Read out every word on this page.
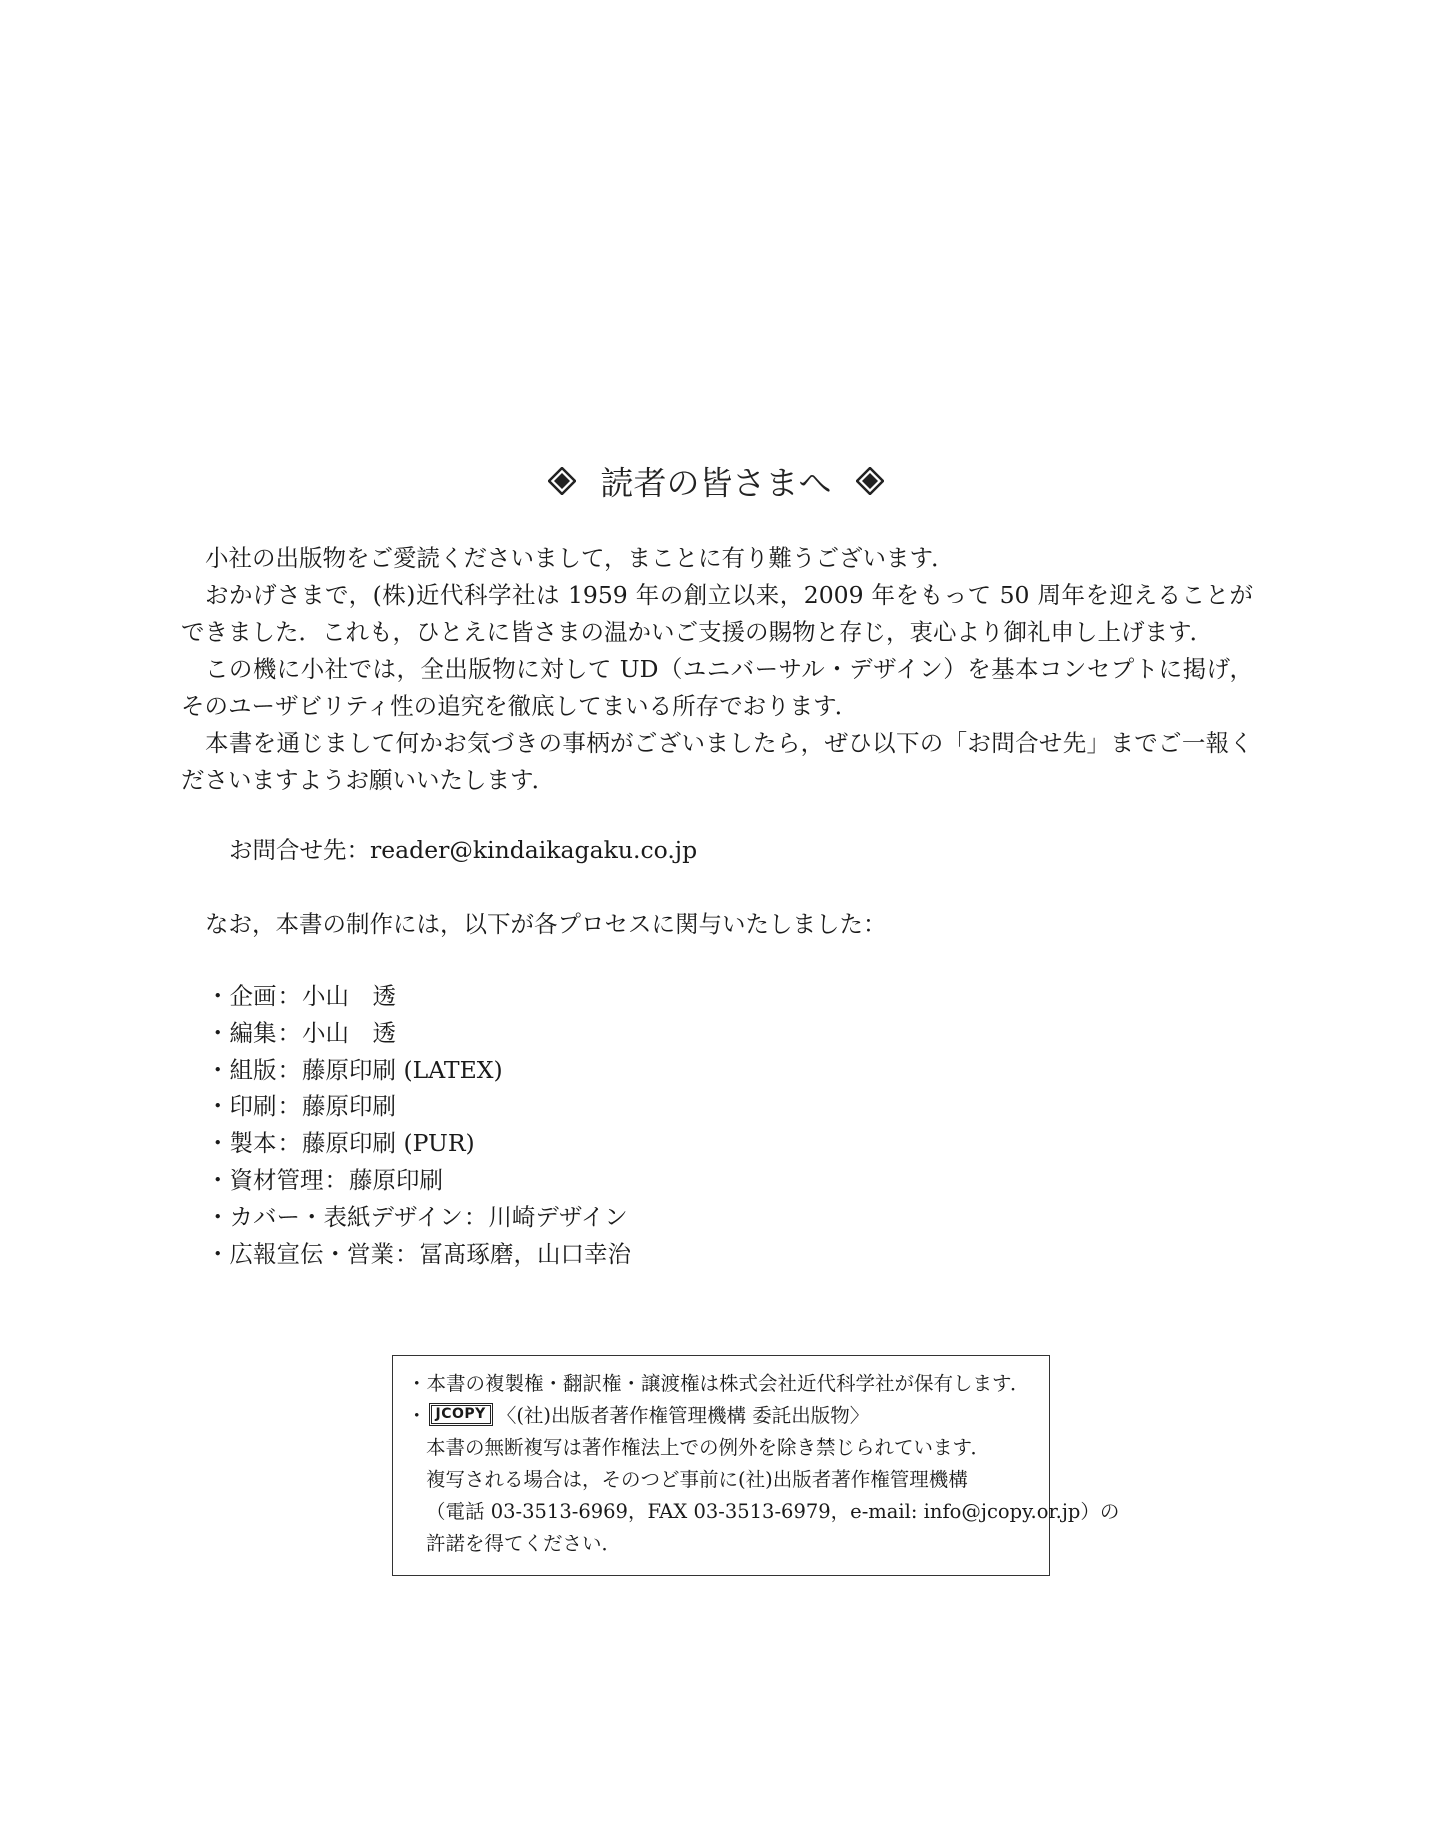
読者の皆さまへ

小社の出版物をご愛読くださいまして，まことに有り難うございます．

おかげさまで，(株)近代科学社は 1959 年の創立以来，2009 年をもって 50 周年を迎えることができました．これも，ひとえに皆さまの温かいご支援の賜物と存じ，衷心より御礼申し上げます．

この機に小社では，全出版物に対して UD（ユニバーサル・デザイン）を基本コンセプトに掲げ，そのユーザビリティ性の追究を徹底してまいる所存でおります．

本書を通じまして何かお気づきの事柄がございましたら，ぜひ以下の「お問合せ先」までご一報くださいますようお願いいたします．

お問合せ先：reader@kindaikagaku.co.jp
なお，本書の制作には，以下が各プロセスに関与いたしました：
・企画：小山　透
・編集：小山　透
・組版：藤原印刷 (LATEX)
・印刷：藤原印刷
・製本：藤原印刷 (PUR)
・資材管理：藤原印刷
・カバー・表紙デザイン：川崎デザイン
・広報宣伝・営業：冨髙琢磨，山口幸治
・本書の複製権・翻訳権・譲渡権は株式会社近代科学社が保有します．
・ JCOPY 〈(社)出版者著作権管理機構 委託出版物〉
本書の無断複写は著作権法上での例外を除き禁じられています．
複写される場合は，そのつど事前に(社)出版者著作権管理機構
（電話 03-3513-6969，FAX 03-3513-6979，e-mail: info@jcopy.or.jp）の
許諾を得てください．
